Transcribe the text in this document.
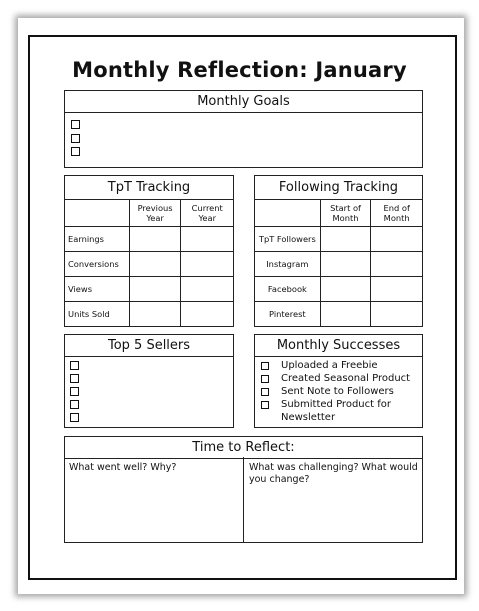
Monthly Reflection: January
Monthly Goals
TpT Tracking
	Previous Year	Current Year
Earnings		
Conversions		
Views		
Units Sold		
Following Tracking
	Start of Month	End of Month
TpT Followers		
Instagram		
Facebook		
Pinterest		
Top 5 Sellers	Monthly Successes
Uploaded a Freebie
Created Seasonal Product
Sent Note to Followers
Submitted Product for Newsletter
Time to Reflect:
What went well? Why?	What was challenging? What would you change?
